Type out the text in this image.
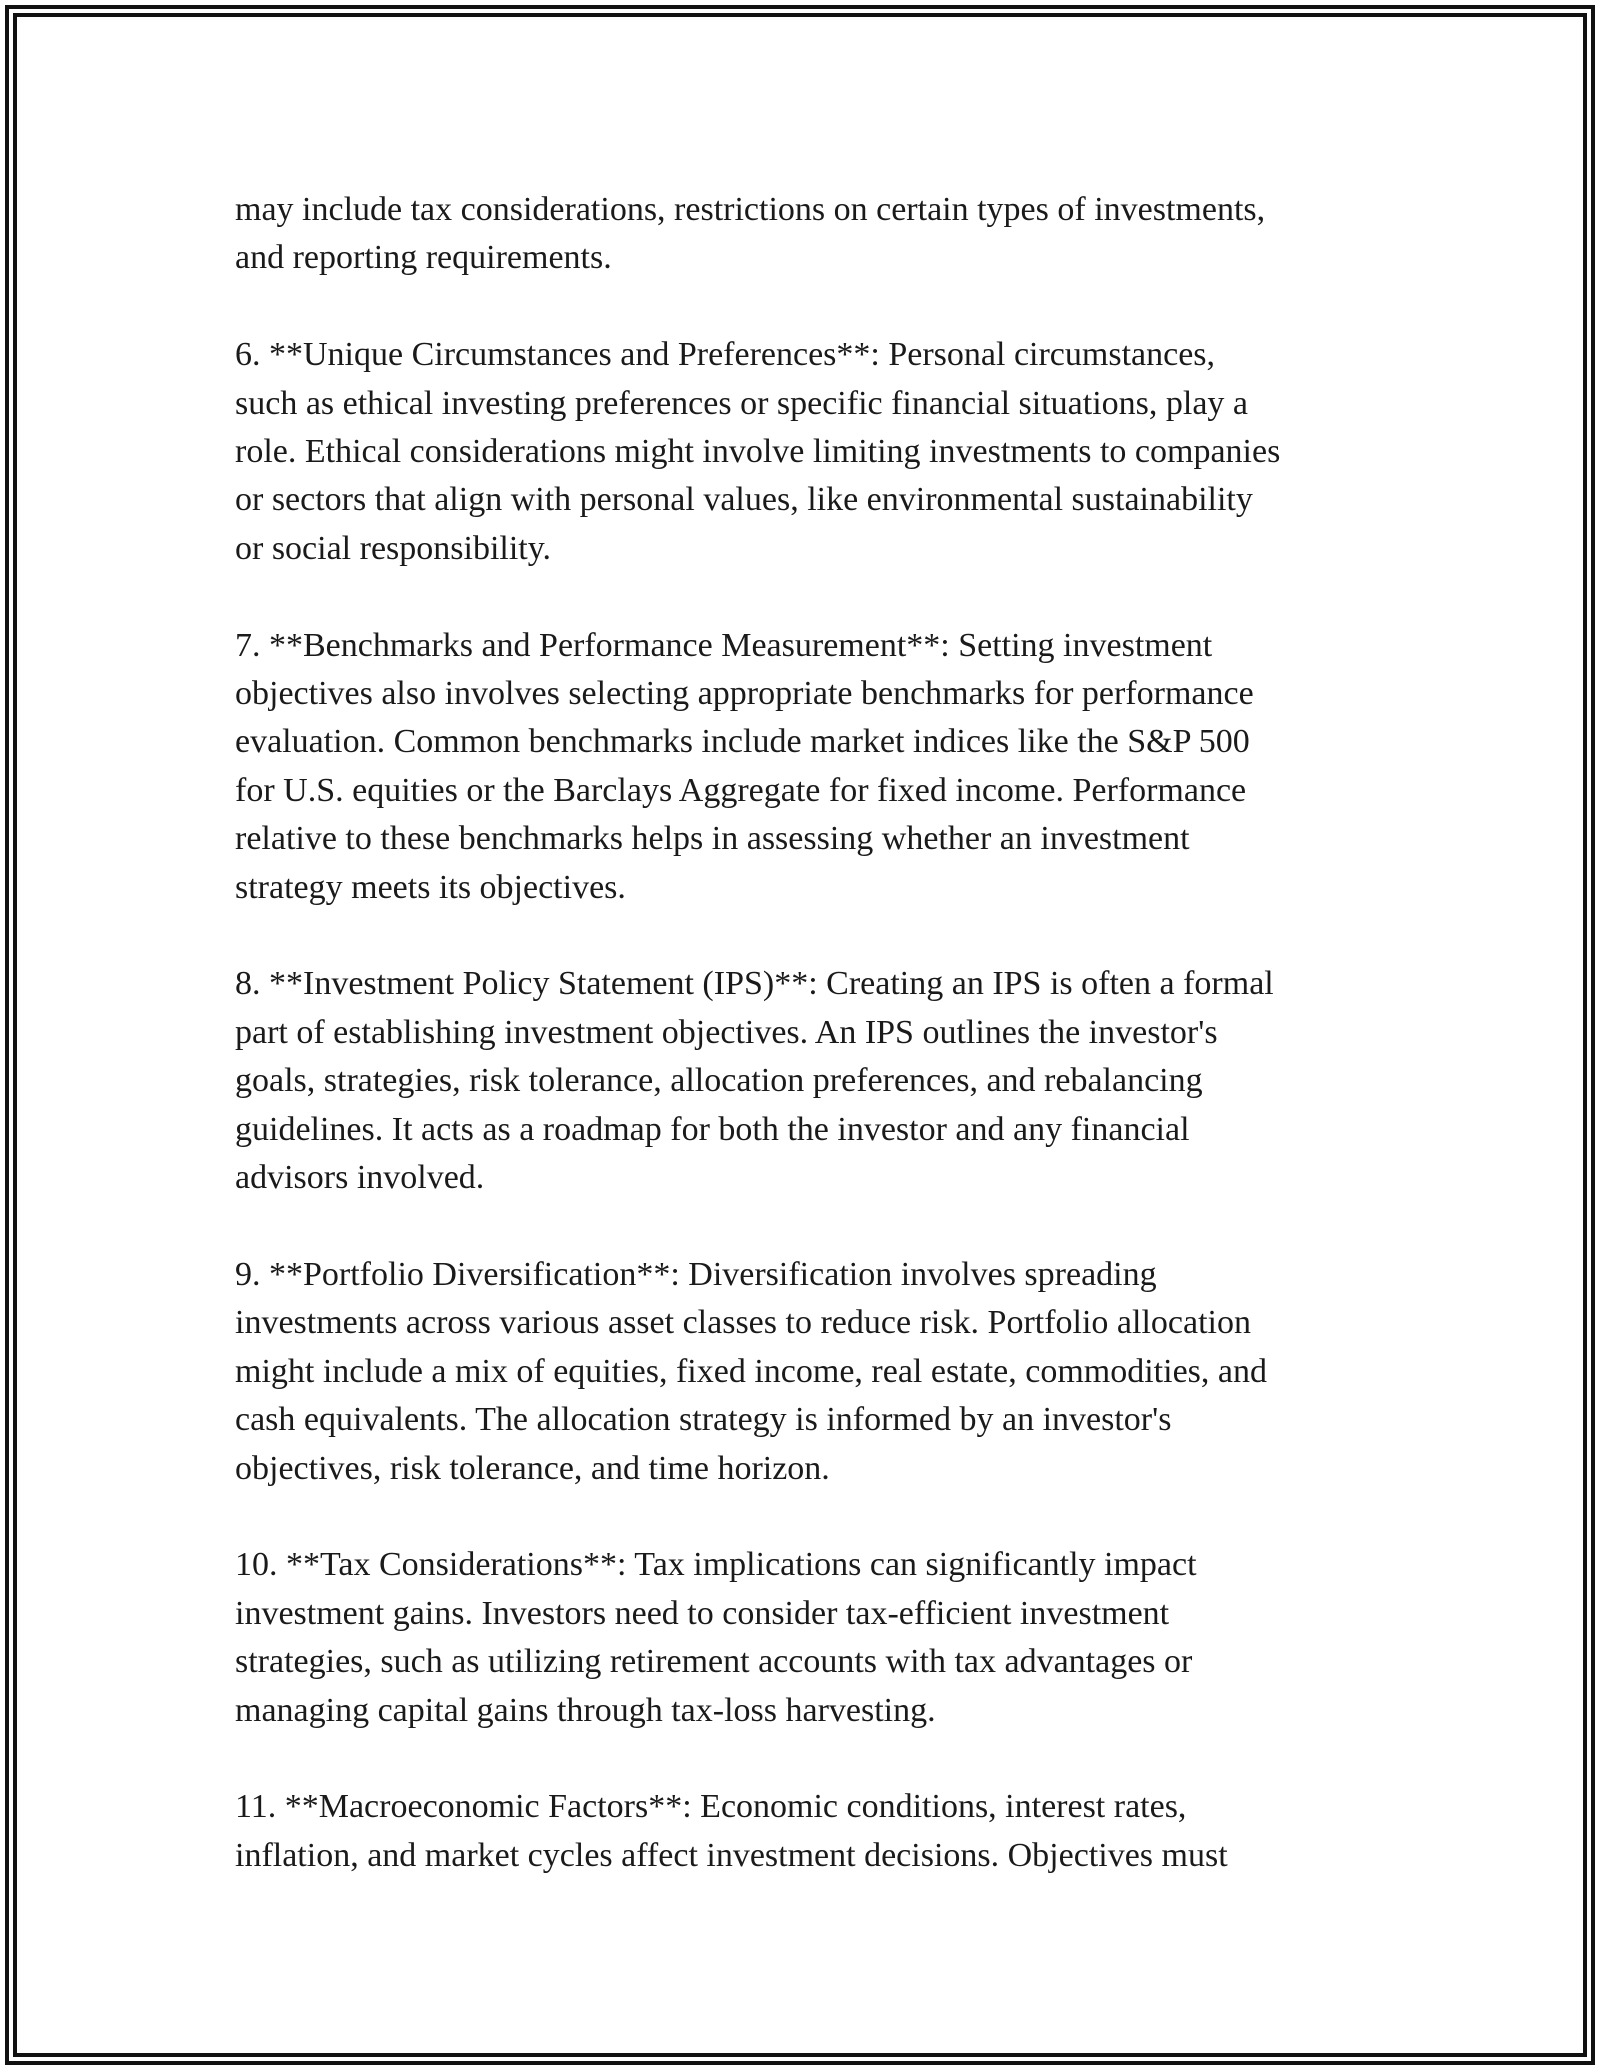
may include tax considerations, restrictions on certain types of investments,
and reporting requirements.
6. **Unique Circumstances and Preferences**: Personal circumstances,
such as ethical investing preferences or specific financial situations, play a
role. Ethical considerations might involve limiting investments to companies
or sectors that align with personal values, like environmental sustainability
or social responsibility.
7. **Benchmarks and Performance Measurement**: Setting investment
objectives also involves selecting appropriate benchmarks for performance
evaluation. Common benchmarks include market indices like the S&P 500
for U.S. equities or the Barclays Aggregate for fixed income. Performance
relative to these benchmarks helps in assessing whether an investment
strategy meets its objectives.
8. **Investment Policy Statement (IPS)**: Creating an IPS is often a formal
part of establishing investment objectives. An IPS outlines the investor's
goals, strategies, risk tolerance, allocation preferences, and rebalancing
guidelines. It acts as a roadmap for both the investor and any financial
advisors involved.
9. **Portfolio Diversification**: Diversification involves spreading
investments across various asset classes to reduce risk. Portfolio allocation
might include a mix of equities, fixed income, real estate, commodities, and
cash equivalents. The allocation strategy is informed by an investor's
objectives, risk tolerance, and time horizon.
10. **Tax Considerations**: Tax implications can significantly impact
investment gains. Investors need to consider tax-efficient investment
strategies, such as utilizing retirement accounts with tax advantages or
managing capital gains through tax-loss harvesting.
11. **Macroeconomic Factors**: Economic conditions, interest rates,
inflation, and market cycles affect investment decisions. Objectives must
